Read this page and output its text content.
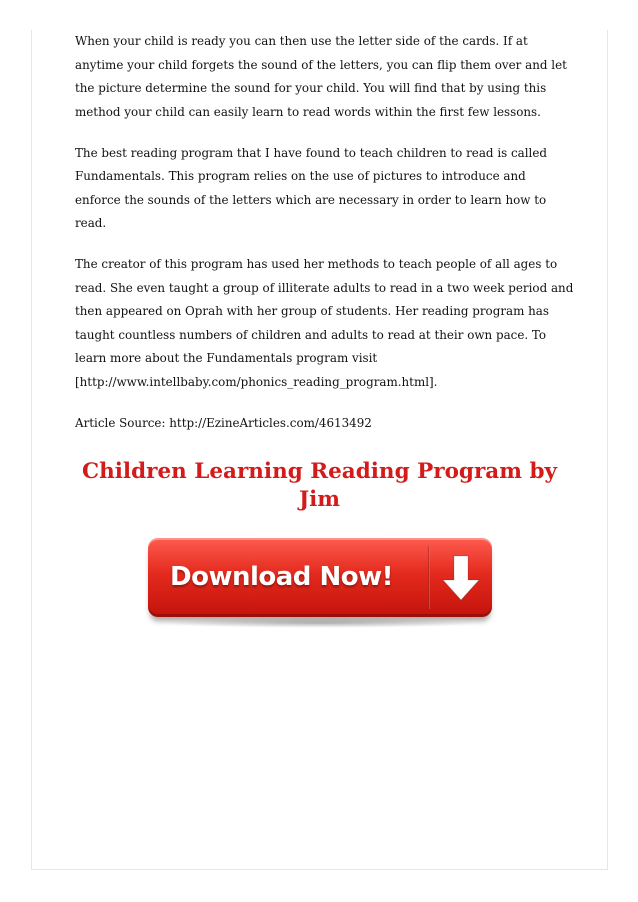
When your child is ready you can then use the letter side of the cards. If at anytime your child forgets the sound of the letters, you can flip them over and let the picture determine the sound for your child. You will find that by using this method your child can easily learn to read words within the first few lessons.

The best reading program that I have found to teach children to read is called Fundamentals. This program relies on the use of pictures to introduce and enforce the sounds of the letters which are necessary in order to learn how to read.

The creator of this program has used her methods to teach people of all ages to read. She even taught a group of illiterate adults to read in a two week period and then appeared on Oprah with her group of students. Her reading program has taught countless numbers of children and adults to read at their own pace. To learn more about the Fundamentals program visit [http://www.intellbaby.com/phonics_reading_program.html].

Article Source: http://EzineArticles.com/4613492

Children Learning Reading Program by
Jim
Download Now!
